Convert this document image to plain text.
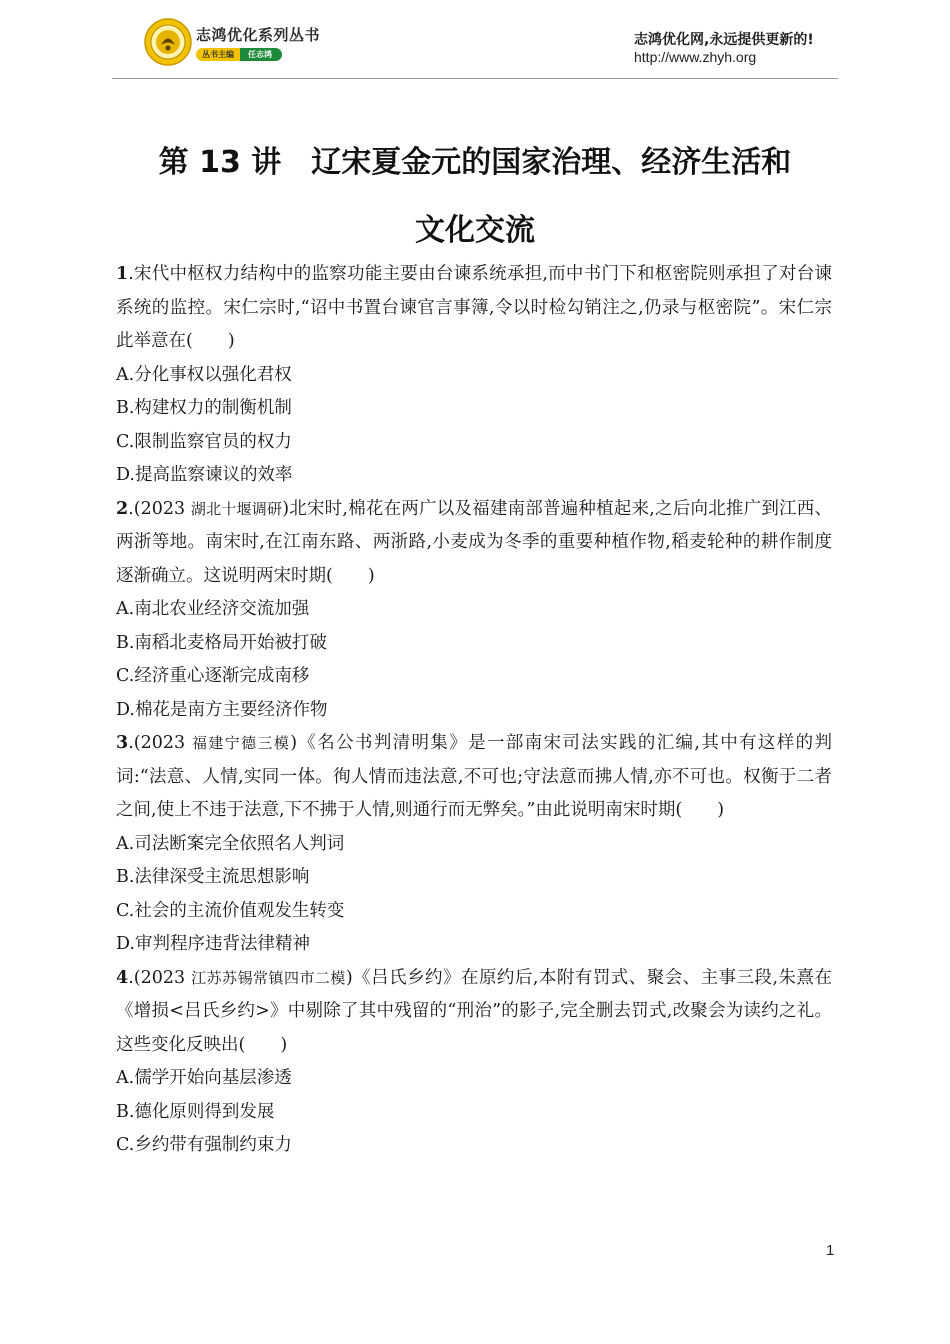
志鸿优化系列丛书
丛书主编	任志鸿
志鸿优化网,永远提供更新的!
http://www.zhyh.org
第 13 讲　辽宋夏金元的国家治理、经济生活和
文化交流
1.宋代中枢权力结构中的监察功能主要由台谏系统承担,而中书门下和枢密院则承担了对台谏系统的监控。宋仁宗时,“诏中书置台谏官言事簿,令以时检勾销注之,仍录与枢密院”。宋仁宗此举意在(　　)
A.分化事权以强化君权
B.构建权力的制衡机制
C.限制监察官员的权力
D.提高监察谏议的效率
2.(2023 湖北十堰调研)北宋时,棉花在两广以及福建南部普遍种植起来,之后向北推广到江西、两浙等地。南宋时,在江南东路、两浙路,小麦成为冬季的重要种植作物,稻麦轮种的耕作制度逐渐确立。这说明两宋时期(　　)
A.南北农业经济交流加强
B.南稻北麦格局开始被打破
C.经济重心逐渐完成南移
D.棉花是南方主要经济作物
3.(2023 福建宁德三模)《名公书判清明集》是一部南宋司法实践的汇编,其中有这样的判词:“法意、人情,实同一体。徇人情而违法意,不可也;守法意而拂人情,亦不可也。权衡于二者之间,使上不违于法意,下不拂于人情,则通行而无弊矣。”由此说明南宋时期(　　)
A.司法断案完全依照名人判词
B.法律深受主流思想影响
C.社会的主流价值观发生转变
D.审判程序违背法律精神
4.(2023 江苏苏锡常镇四市二模)《吕氏乡约》在原约后,本附有罚式、聚会、主事三段,朱熹在《增损<吕氏乡约>》中剔除了其中残留的“刑治”的影子,完全删去罚式,改聚会为读约之礼。这些变化反映出(　　)
A.儒学开始向基层渗透
B.德化原则得到发展
C.乡约带有强制约束力
1
